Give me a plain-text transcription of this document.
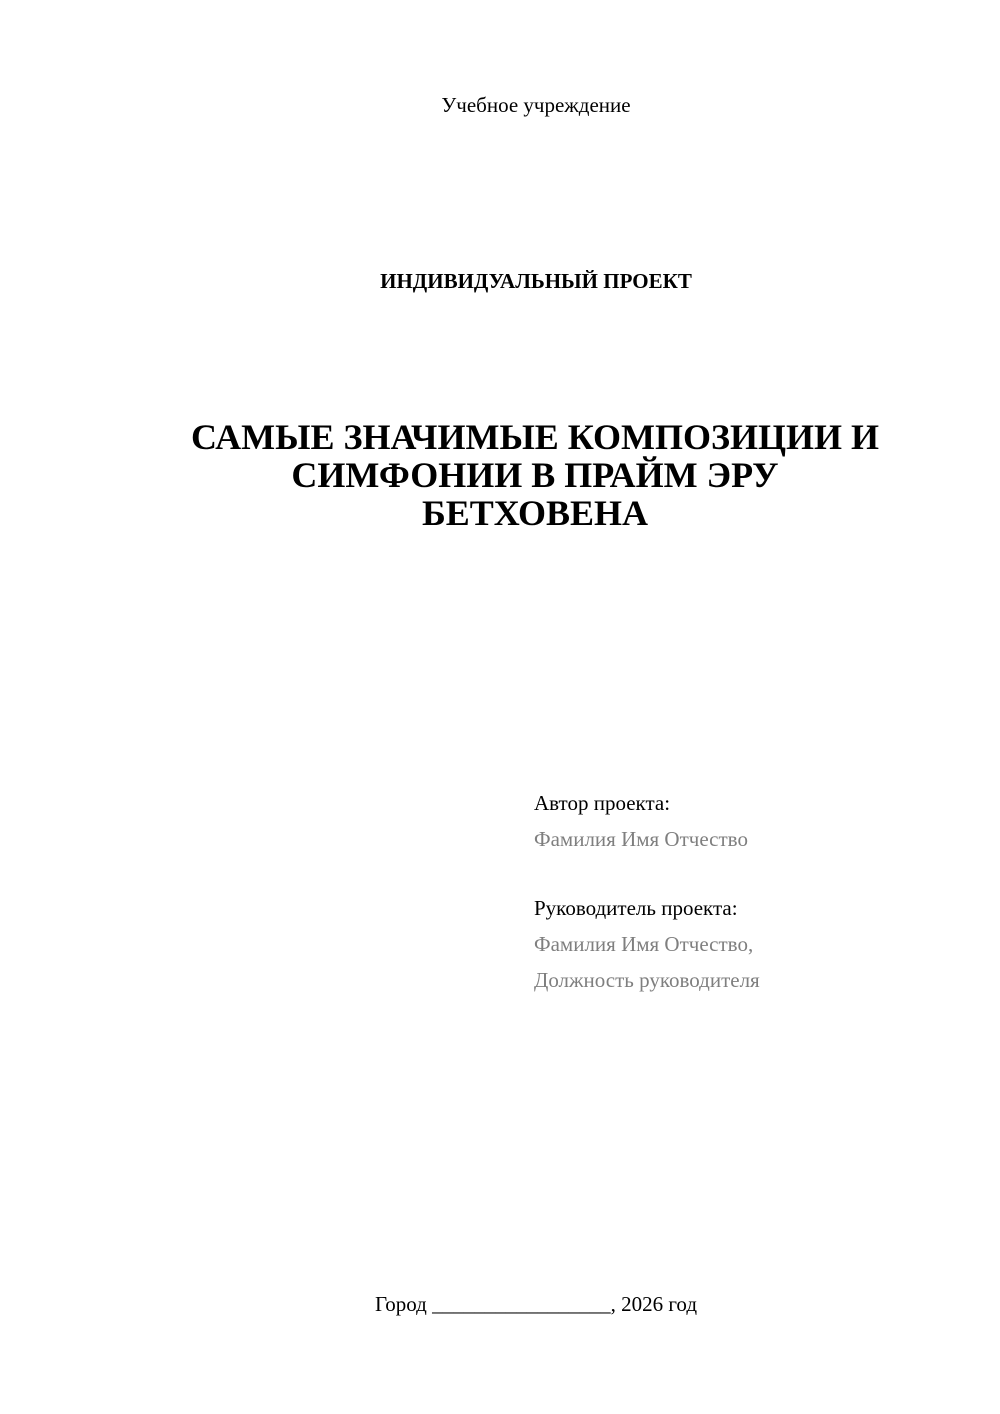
Учебное учреждение
ИНДИВИДУАЛЬНЫЙ ПРОЕКТ
САМЫЕ ЗНАЧИМЫЕ КОМПОЗИЦИИ И
СИМФОНИИ В ПРАЙМ ЭРУ
БЕТХОВЕНА
Автор проекта:
Фамилия Имя Отчество
Руководитель проекта:
Фамилия Имя Отчество,
Должность руководителя
Город _________________, 2026 год
